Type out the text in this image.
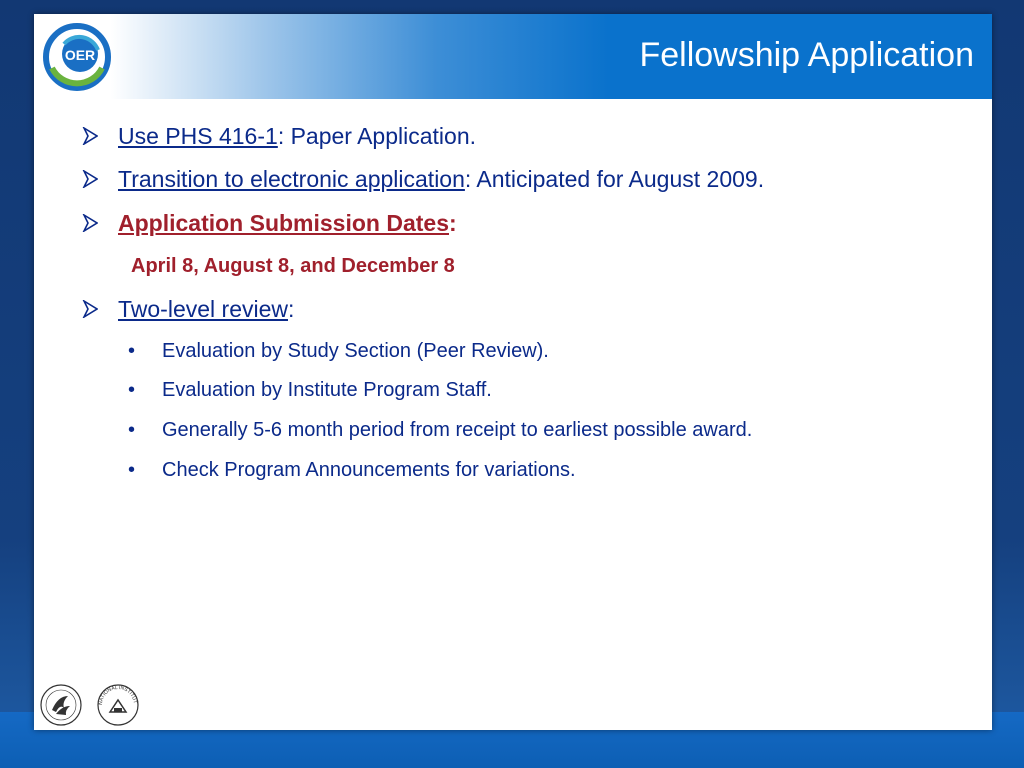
OER	Fellowship Application
Use PHS 416-1: Paper Application.
Transition to electronic application: Anticipated for August 2009.
Application Submission Dates:
April 8, August 8, and December 8
Two-level review:
• Evaluation by Study Section (Peer Review).
• Evaluation by Institute Program Staff.
• Generally 5-6 month period from receipt to earliest possible award.
• Check Program Announcements for variations.
NATIONAL INSTITUT
